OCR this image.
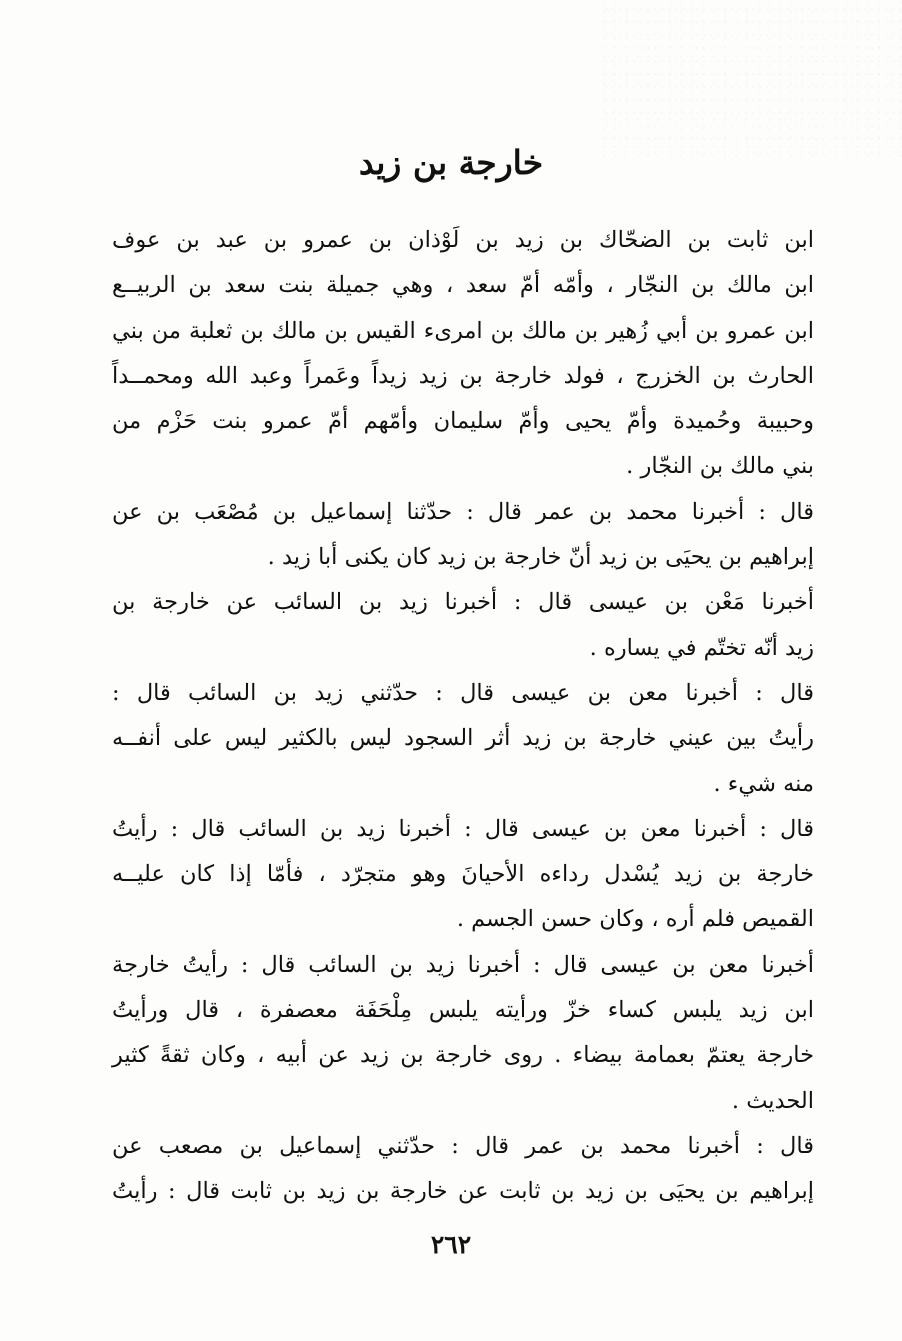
خارجة بن زيد

ابن ثابت بن الضحّاك بن زيد بن لَوْذان بن عمرو بن عبد بن عوف
ابن مالك بن النجّار ، وأمّه أمّ سعد ، وهي جميلة بنت سعد بن الربيــع
ابن عمرو بن أبي زُهير بن مالك بن امرىء القيس بن مالك بن ثعلبة من بني
الحارث بن الخزرج ، فولد خارجة بن زيد زيداً وعَمراً وعبد الله ومحمــداً
وحبيبة وحُميدة وأمّ يحيى وأمّ سليمان وأمّهم أمّ عمرو بنت حَزْم من
بني مالك بن النجّار .

قال : أخبرنا محمد بن عمر قال : حدّثنا إسماعيل بن مُصْعَب بن عن
إبراهيم بن يحيَى بن زيد أنّ خارجة بن زيد كان يكنى أبا زيد .

أخبرنا مَعْن بن عيسى قال : أخبرنا زيد بن السائب عن خارجة بن
زيد أنّه تختّم في يساره .

قال : أخبرنا معن بن عيسى قال : حدّثني زيد بن السائب قال :
رأيتُ بين عيني خارجة بن زيد أثر السجود ليس بالكثير ليس على أنفــه
منه شيء .

قال : أخبرنا معن بن عيسى قال : أخبرنا زيد بن السائب قال : رأيتُ
خارجة بن زيد يُسْدل رداءه الأحيانَ وهو متجرّد ، فأمّا إذا كان عليــه
القميص فلم أره ، وكان حسن الجسم .

أخبرنا معن بن عيسى قال : أخبرنا زيد بن السائب قال : رأيتُ خارجة
ابن زيد يلبس كساء خزّ ورأيته يلبس مِلْحَفَة معصفرة ، قال ورأيتُ
خارجة يعتمّ بعمامة بيضاء . روى خارجة بن زيد عن أبيه ، وكان ثقةً كثير
الحديث .

قال : أخبرنا محمد بن عمر قال : حدّثني إسماعيل بن مصعب عن
إبراهيم بن يحيَى بن زيد بن ثابت عن خارجة بن زيد بن ثابت قال : رأيتُ

٢٦٢
